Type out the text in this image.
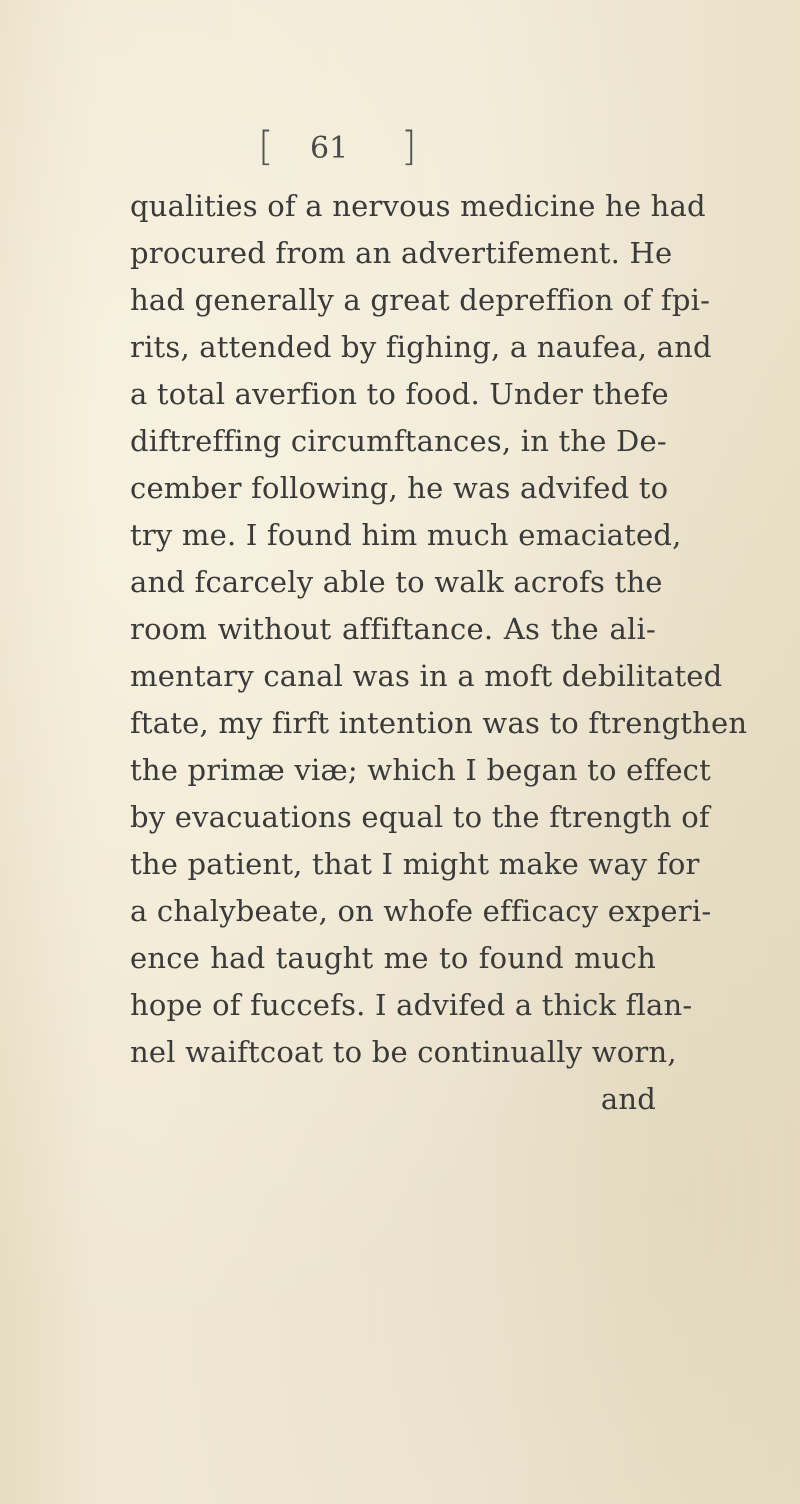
[ 61 ]
qualities of a nervous medicine he had
procured from an advertifement. He
had generally a great depreffion of fpi-
rits, attended by fighing, a naufea, and
a total averfion to food. Under thefe
diftreffing circumftances, in the De-
cember following, he was advifed to
try me. I found him much emaciated,
and fcarcely able to walk acrofs the
room without affiftance. As the ali-
mentary canal was in a moft debilitated
ftate, my firft intention was to ftrengthen
the primæ viæ; which I began to effect
by evacuations equal to the ftrength of
the patient, that I might make way for
a chalybeate, on whofe efficacy experi-
ence had taught me to found much
hope of fuccefs. I advifed a thick flan-
nel waiftcoat to be continually worn,
and
